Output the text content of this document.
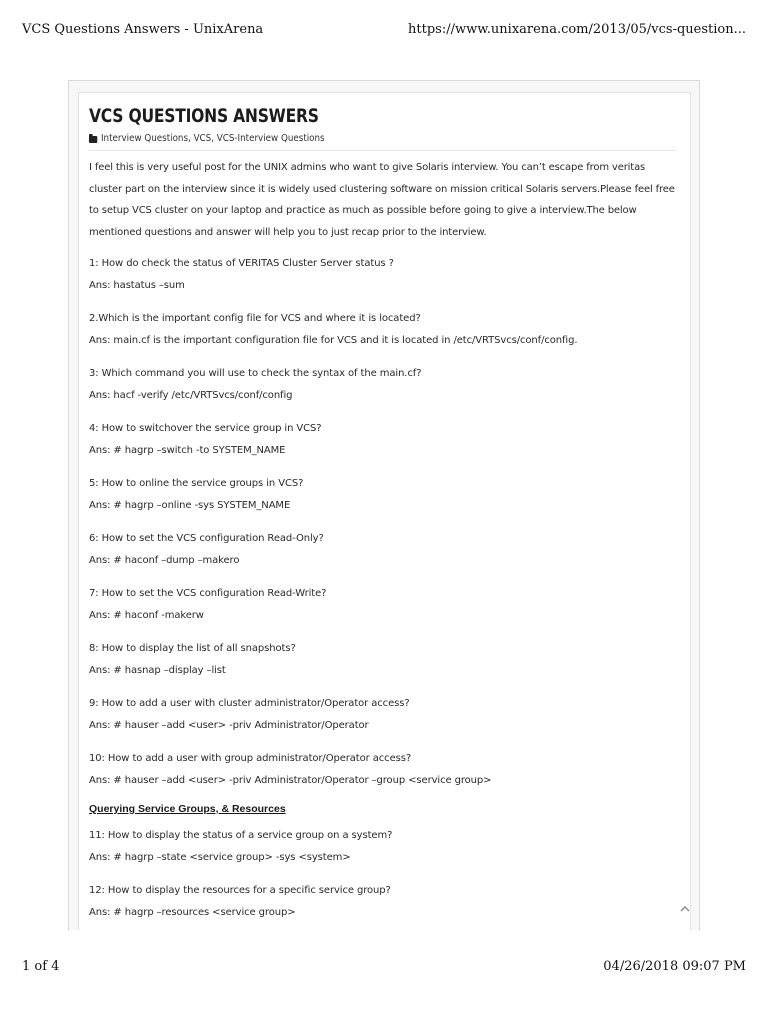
VCS Questions Answers - UnixArena	https://www.unixarena.com/2013/05/vcs-question...
VCS QUESTIONS ANSWERS
Interview Questions, VCS, VCS-Interview Questions
I feel this is very useful post for the UNIX admins who want to give Solaris interview. You can’t escape from veritas cluster part on the interview since it is widely used clustering software on mission critical Solaris servers.Please feel free to setup VCS cluster on your laptop and practice as much as possible before going to give a interview.The below mentioned questions and answer will help you to just recap prior to the interview.
1: How do check the status of VERITAS Cluster Server status ?
Ans: hastatus –sum
2.Which is the important config file for VCS and where it is located?
Ans: main.cf is the important configuration file for VCS and it is located in /etc/VRTSvcs/conf/config.
3: Which command you will use to check the syntax of the main.cf?
Ans: hacf -verify /etc/VRTSvcs/conf/config
4: How to switchover the service group in VCS?
Ans: # hagrp –switch -to SYSTEM_NAME
5: How to online the service groups in VCS?
Ans: # hagrp –online -sys SYSTEM_NAME
6: How to set the VCS configuration Read-Only?
Ans: # haconf –dump –makero
7: How to set the VCS configuration Read-Write?
Ans: # haconf -makerw
8: How to display the list of all snapshots?
Ans: # hasnap –display –list
9: How to add a user with cluster administrator/Operator access?
Ans: # hauser –add <user> -priv Administrator/Operator
10: How to add a user with group administrator/Operator access?
Ans: # hauser –add <user> -priv Administrator/Operator –group <service group>
Querying Service Groups, & Resources
11: How to display the status of a service group on a system?
Ans: # hagrp –state <service group> -sys <system>
12: How to display the resources for a specific service group?
Ans: # hagrp –resources <service group>
1 of 4	04/26/2018 09:07 PM
